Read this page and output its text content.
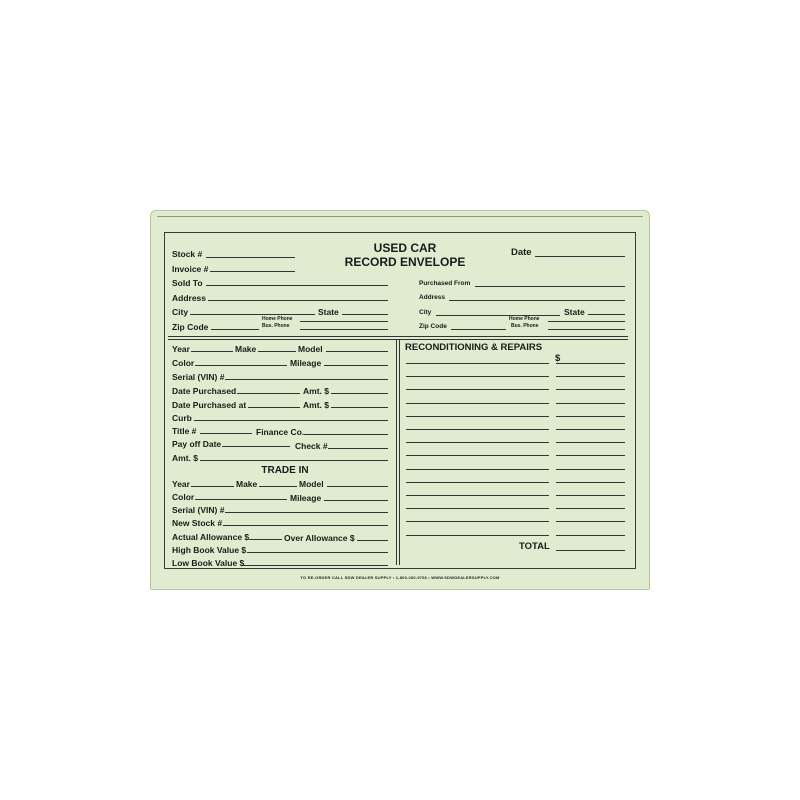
USED CAR
RECORD ENVELOPE
Stock #
Invoice #
Date
Sold To
Address
City	State
Zip Code
Home Phone
Bus. Phone
Purchased From
Address
City	State
Zip Code
Home Phone
Bus. Phone
Year	Make	Model
Color	Mileage
Serial (VIN) #
Date Purchased	Amt. $
Date Purchased at	Amt. $
Curb
Title #	Finance Co.
Pay off Date	Check #
Amt. $
TRADE IN
Year	Make	Model
Color	Mileage
Serial (VIN) #
New Stock #
Actual Allowance $	Over Allowance $
High Book Value $
Low Book Value $
RECONDITIONING & REPAIRS
$
TOTAL
TO RE-ORDER CALL SDW DEALER SUPPLY • 1-800-260-9766 • WWW.SDWDEALERSUPPLY.COM
